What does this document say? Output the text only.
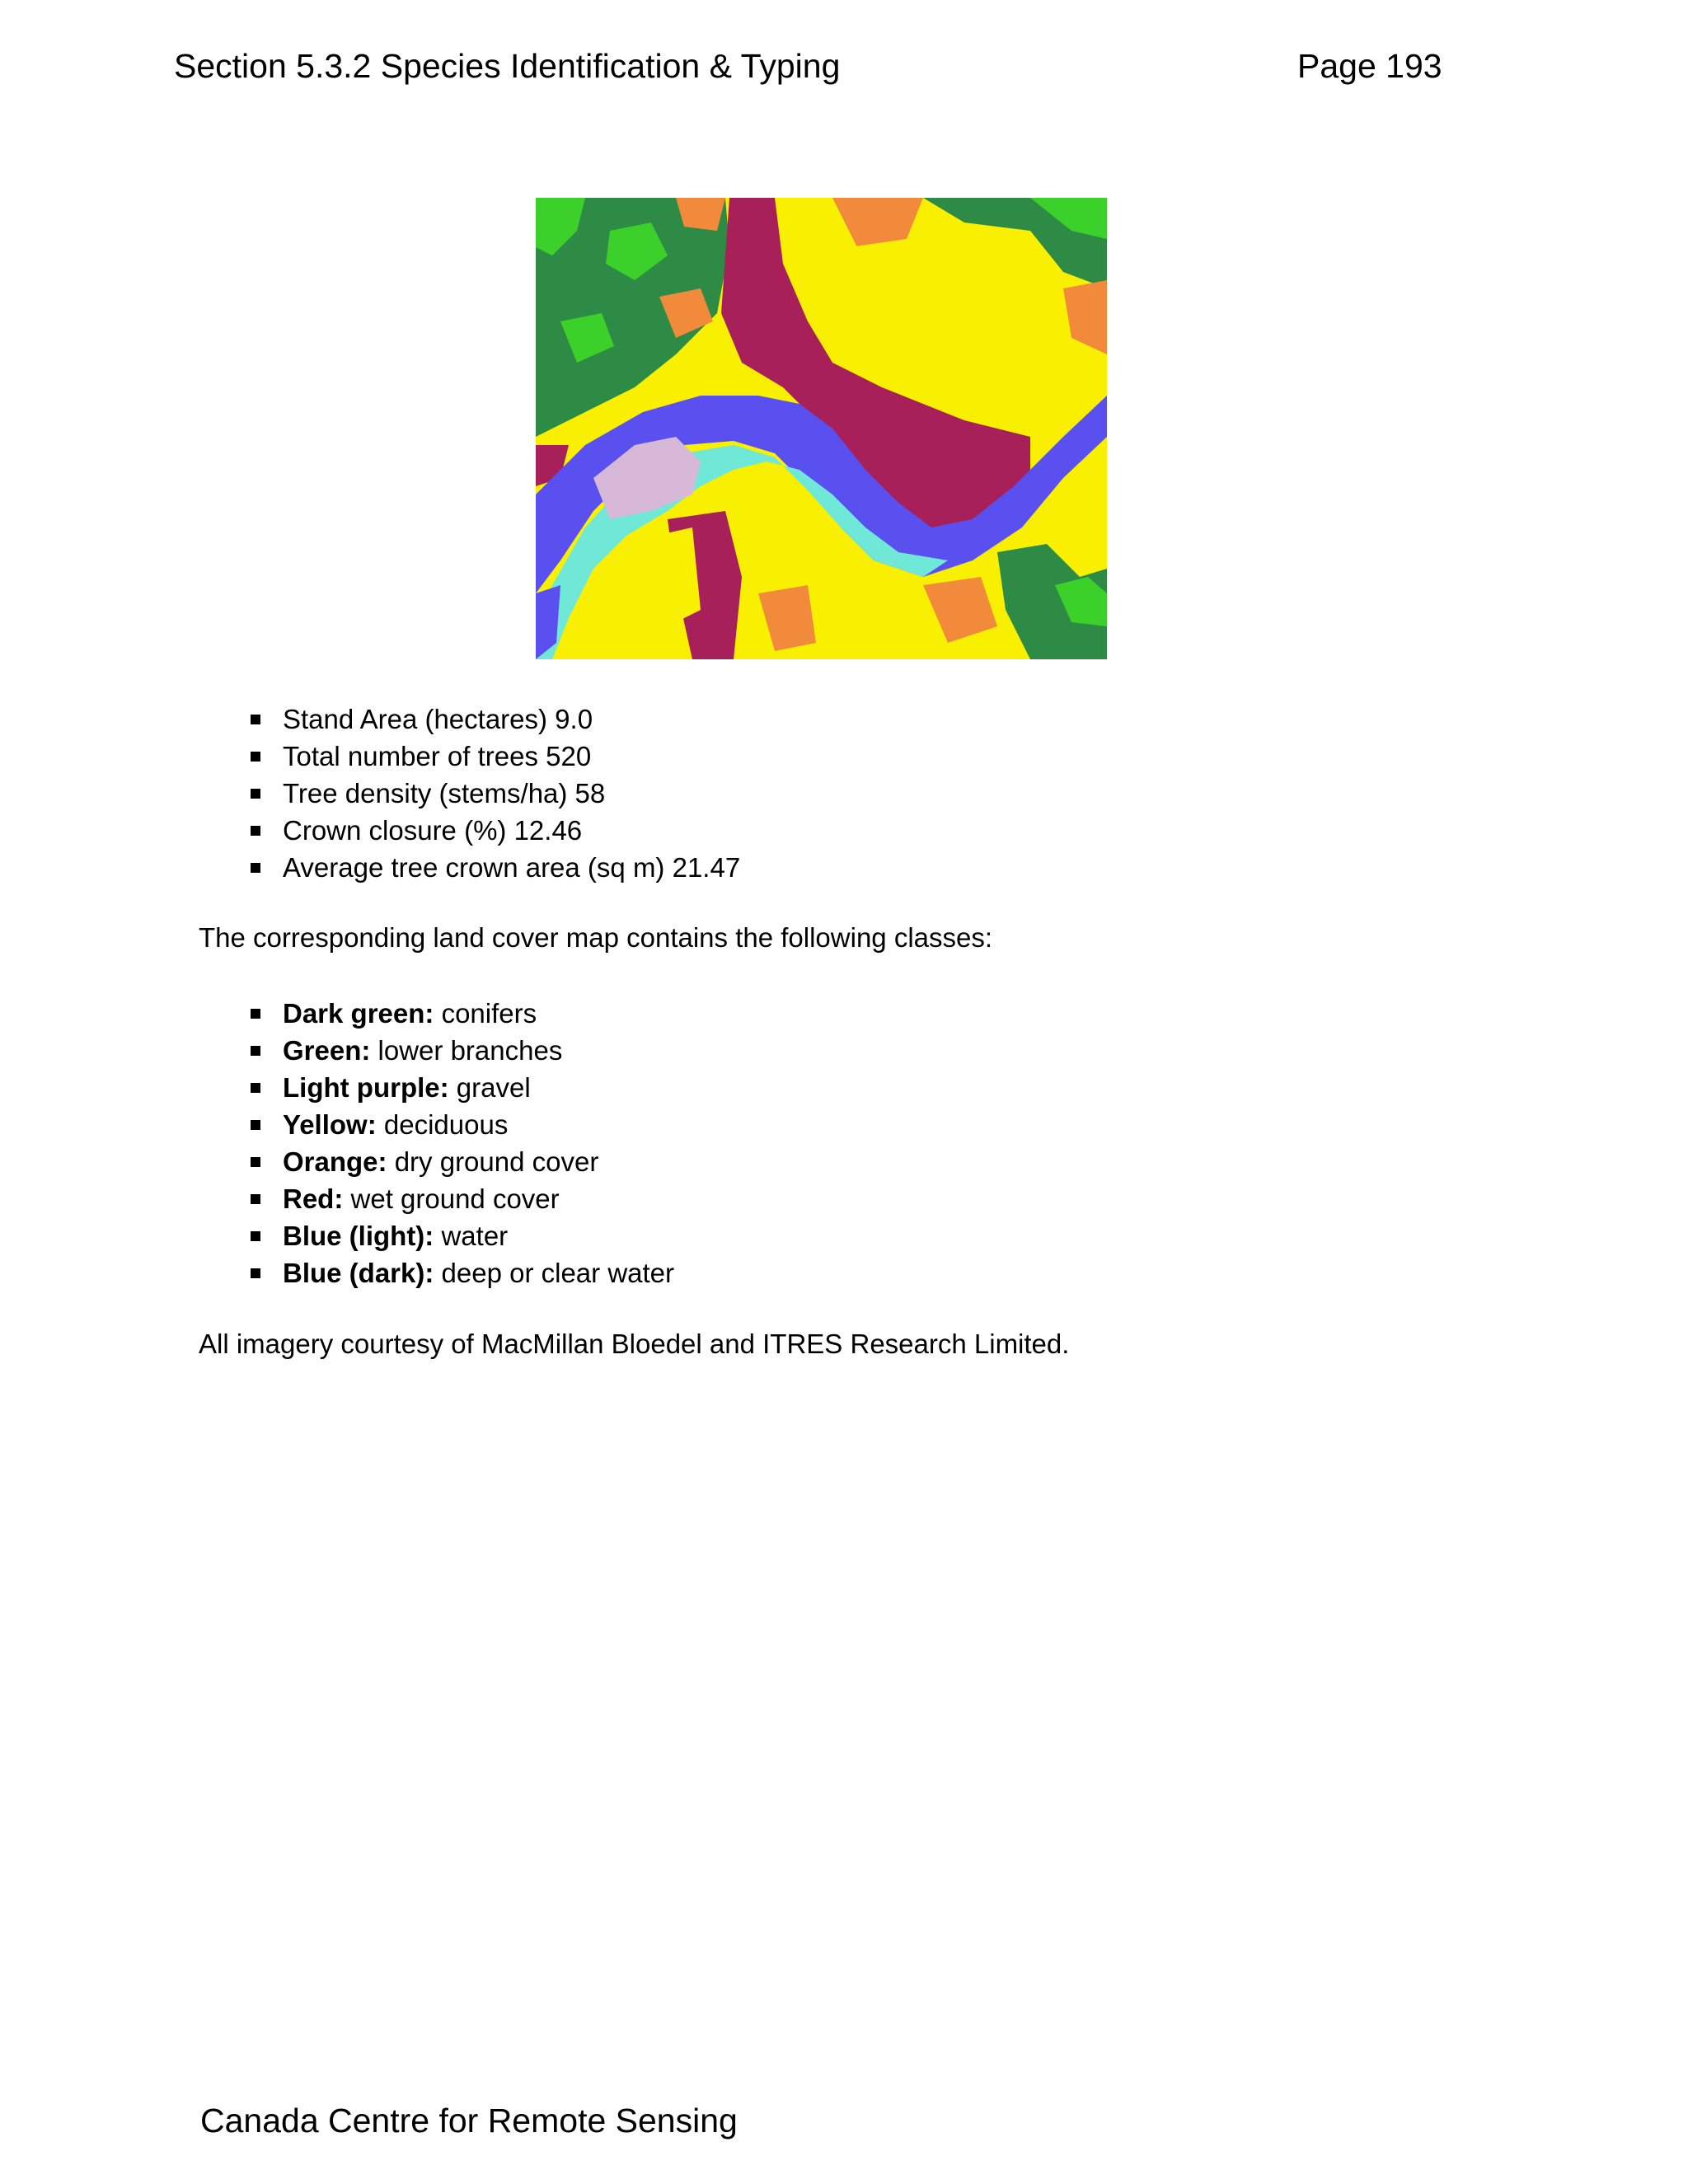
Section 5.3.2 Species Identification & Typing	Page 193
Stand Area (hectares) 9.0
Total number of trees 520
Tree density (stems/ha) 58
Crown closure (%) 12.46
Average tree crown area (sq m) 21.47
The corresponding land cover map contains the following classes:
Dark green: conifers
Green: lower branches
Light purple: gravel
Yellow: deciduous
Orange: dry ground cover
Red: wet ground cover
Blue (light): water
Blue (dark): deep or clear water
All imagery courtesy of MacMillan Bloedel and ITRES Research Limited.
Canada Centre for Remote Sensing
